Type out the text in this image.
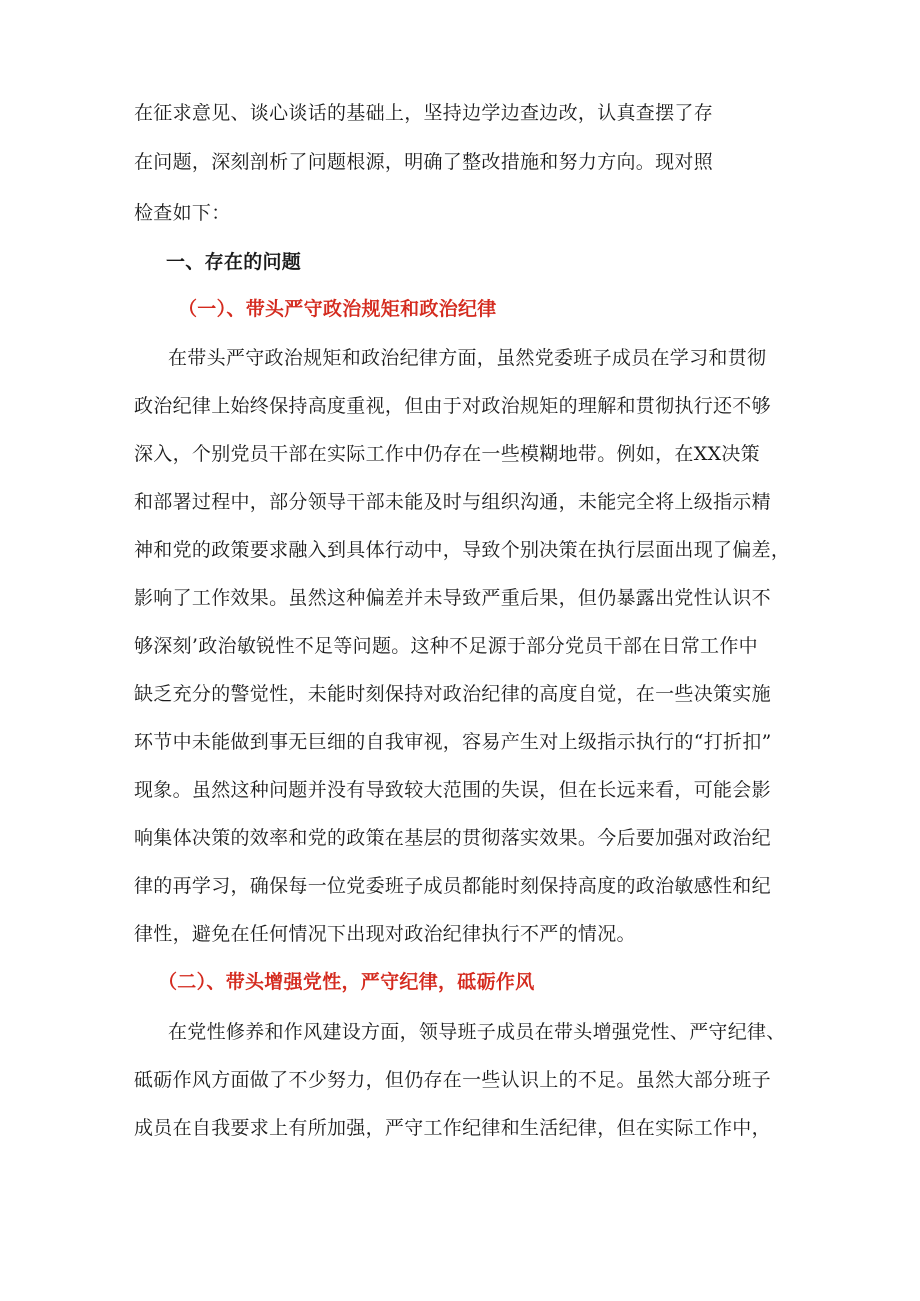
在征求意见、谈心谈话的基础上，坚持边学边查边改，认真查摆了存
在问题，深刻剖析了问题根源，明确了整改措施和努力方向。现对照
检查如下：
一、存在的问题
（一）、带头严守政治规矩和政治纪律
在带头严守政治规矩和政治纪律方面，虽然党委班子成员在学习和贯彻
政治纪律上始终保持高度重视，但由于对政治规矩的理解和贯彻执行还不够
深入，个别党员干部在实际工作中仍存在一些模糊地带。例如，在XX决策
和部署过程中，部分领导干部未能及时与组织沟通，未能完全将上级指示精
神和党的政策要求融入到具体行动中，导致个别决策在执行层面出现了偏差，
影响了工作效果。虽然这种偏差并未导致严重后果，但仍暴露出党性认识不
够深刻’政治敏锐性不足等问题。这种不足源于部分党员干部在日常工作中
缺乏充分的警觉性，未能时刻保持对政治纪律的高度自觉，在一些决策实施
环节中未能做到事无巨细的自我审视，容易产生对上级指示执行的“打折扣”
现象。虽然这种问题并没有导致较大范围的失误，但在长远来看，可能会影
响集体决策的效率和党的政策在基层的贯彻落实效果。今后要加强对政治纪
律的再学习，确保每一位党委班子成员都能时刻保持高度的政治敏感性和纪
律性，避免在任何情况下出现对政治纪律执行不严的情况。
（二）、带头增强党性，严守纪律，砥砺作风
在党性修养和作风建设方面，领导班子成员在带头增强党性、严守纪律、
砥砺作风方面做了不少努力，但仍存在一些认识上的不足。虽然大部分班子
成员在自我要求上有所加强，严守工作纪律和生活纪律，但在实际工作中，
